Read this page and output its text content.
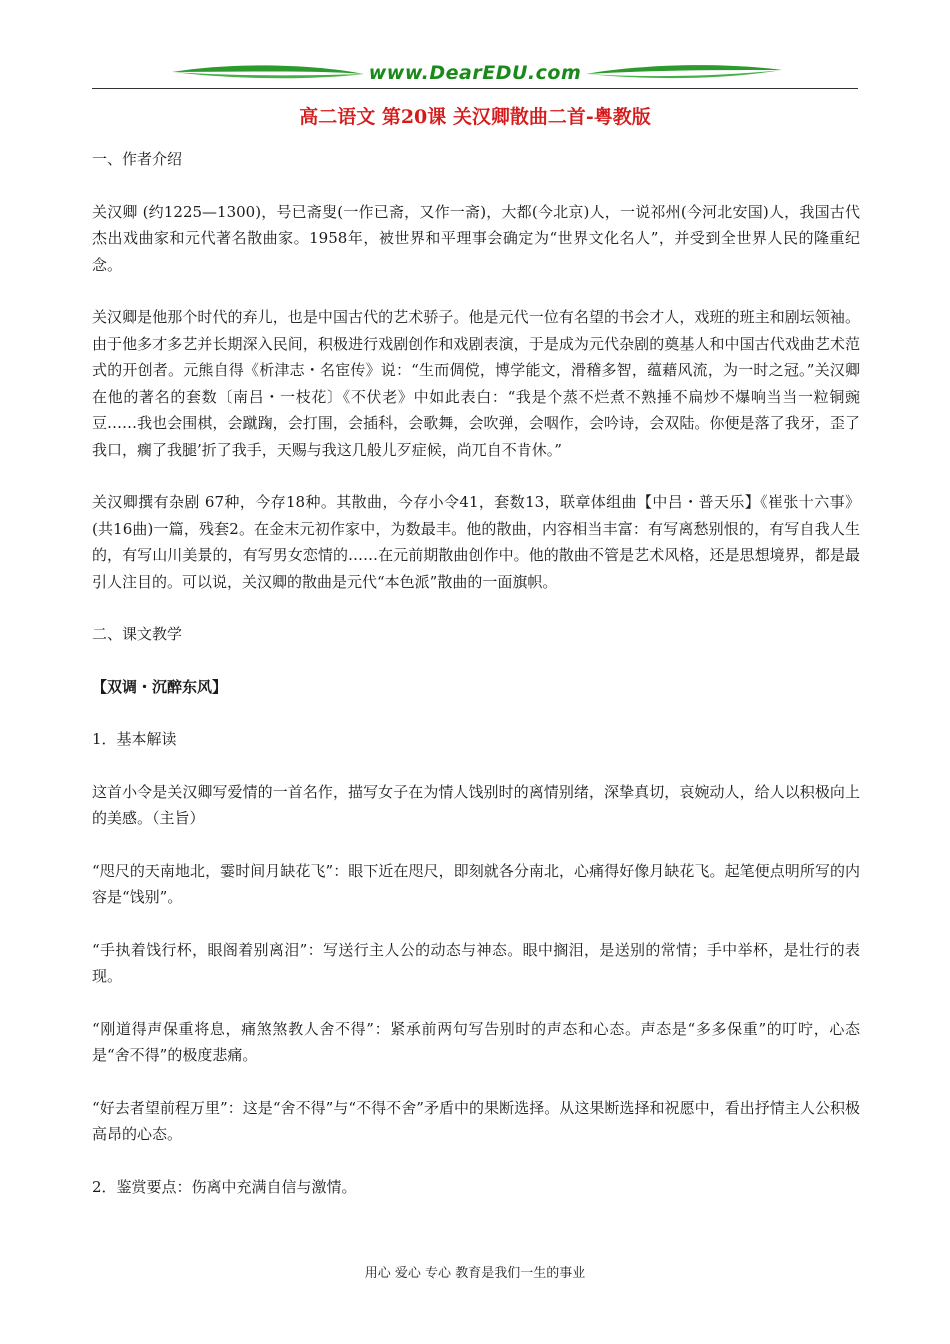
www.DearEDU.com
高二语文 第20课 关汉卿散曲二首-粤教版

一、作者介绍

关汉卿 (约1225—1300)，号已斋叟(一作已斋，又作一斋)，大都(今北京)人，一说祁州(今河北安国)人，我国古代杰出戏曲家和元代著名散曲家。1958年，被世界和平理事会确定为“世界文化名人”，并受到全世界人民的隆重纪念。

关汉卿是他那个时代的弃儿，也是中国古代的艺术骄子。他是元代一位有名望的书会才人，戏班的班主和剧坛领袖。由于他多才多艺并长期深入民间，积极进行戏剧创作和戏剧表演，于是成为元代杂剧的奠基人和中国古代戏曲艺术范式的开创者。元熊自得《析津志・名宦传》说：“生而倜傥，博学能文，滑稽多智，蕴藉风流，为一时之冠。”关汉卿在他的著名的套数〔南吕・一枝花〕《不伏老》中如此表白：“我是个蒸不烂煮不熟捶不扁炒不爆响当当一粒铜豌豆……我也会围棋，会蹴踘，会打围，会插科，会歌舞，会吹弹，会咽作，会吟诗，会双陆。你便是落了我牙，歪了我口，瘸了我腿’折了我手，天赐与我这几般儿歹症候，尚兀自不肯休。”

关汉卿撰有杂剧 67种，今存18种。其散曲，今存小令41，套数13，联章体组曲【中吕・普天乐】《崔张十六事》(共16曲)一篇，残套2。在金末元初作家中，为数最丰。他的散曲，内容相当丰富：有写离愁别恨的，有写自我人生的，有写山川美景的，有写男女恋情的……在元前期散曲创作中。他的散曲不管是艺术风格，还是思想境界，都是最引人注目的。可以说，关汉卿的散曲是元代“本色派”散曲的一面旗帜。

二、课文教学

【双调・沉醉东风】

1．基本解读

这首小令是关汉卿写爱情的一首名作，描写女子在为情人饯别时的离情别绪，深挚真切，哀婉动人，给人以积极向上的美感。（主旨）

“咫尺的天南地北，霎时间月缺花飞”：眼下近在咫尺，即刻就各分南北，心痛得好像月缺花飞。起笔便点明所写的内容是“饯别”。

“手执着饯行杯，眼阁着别离泪”：写送行主人公的动态与神态。眼中搁泪，是送别的常情；手中举杯，是壮行的表现。

“刚道得声保重将息，痛煞煞教人舍不得”：紧承前两句写告别时的声态和心态。声态是“多多保重”的叮咛，心态是“舍不得”的极度悲痛。

“好去者望前程万里”：这是“舍不得”与“不得不舍”矛盾中的果断选择。从这果断选择和祝愿中，看出抒情主人公积极高昂的心态。

2．鉴赏要点：伤离中充满自信与激情。

用心 爱心 专心 教育是我们一生的事业
